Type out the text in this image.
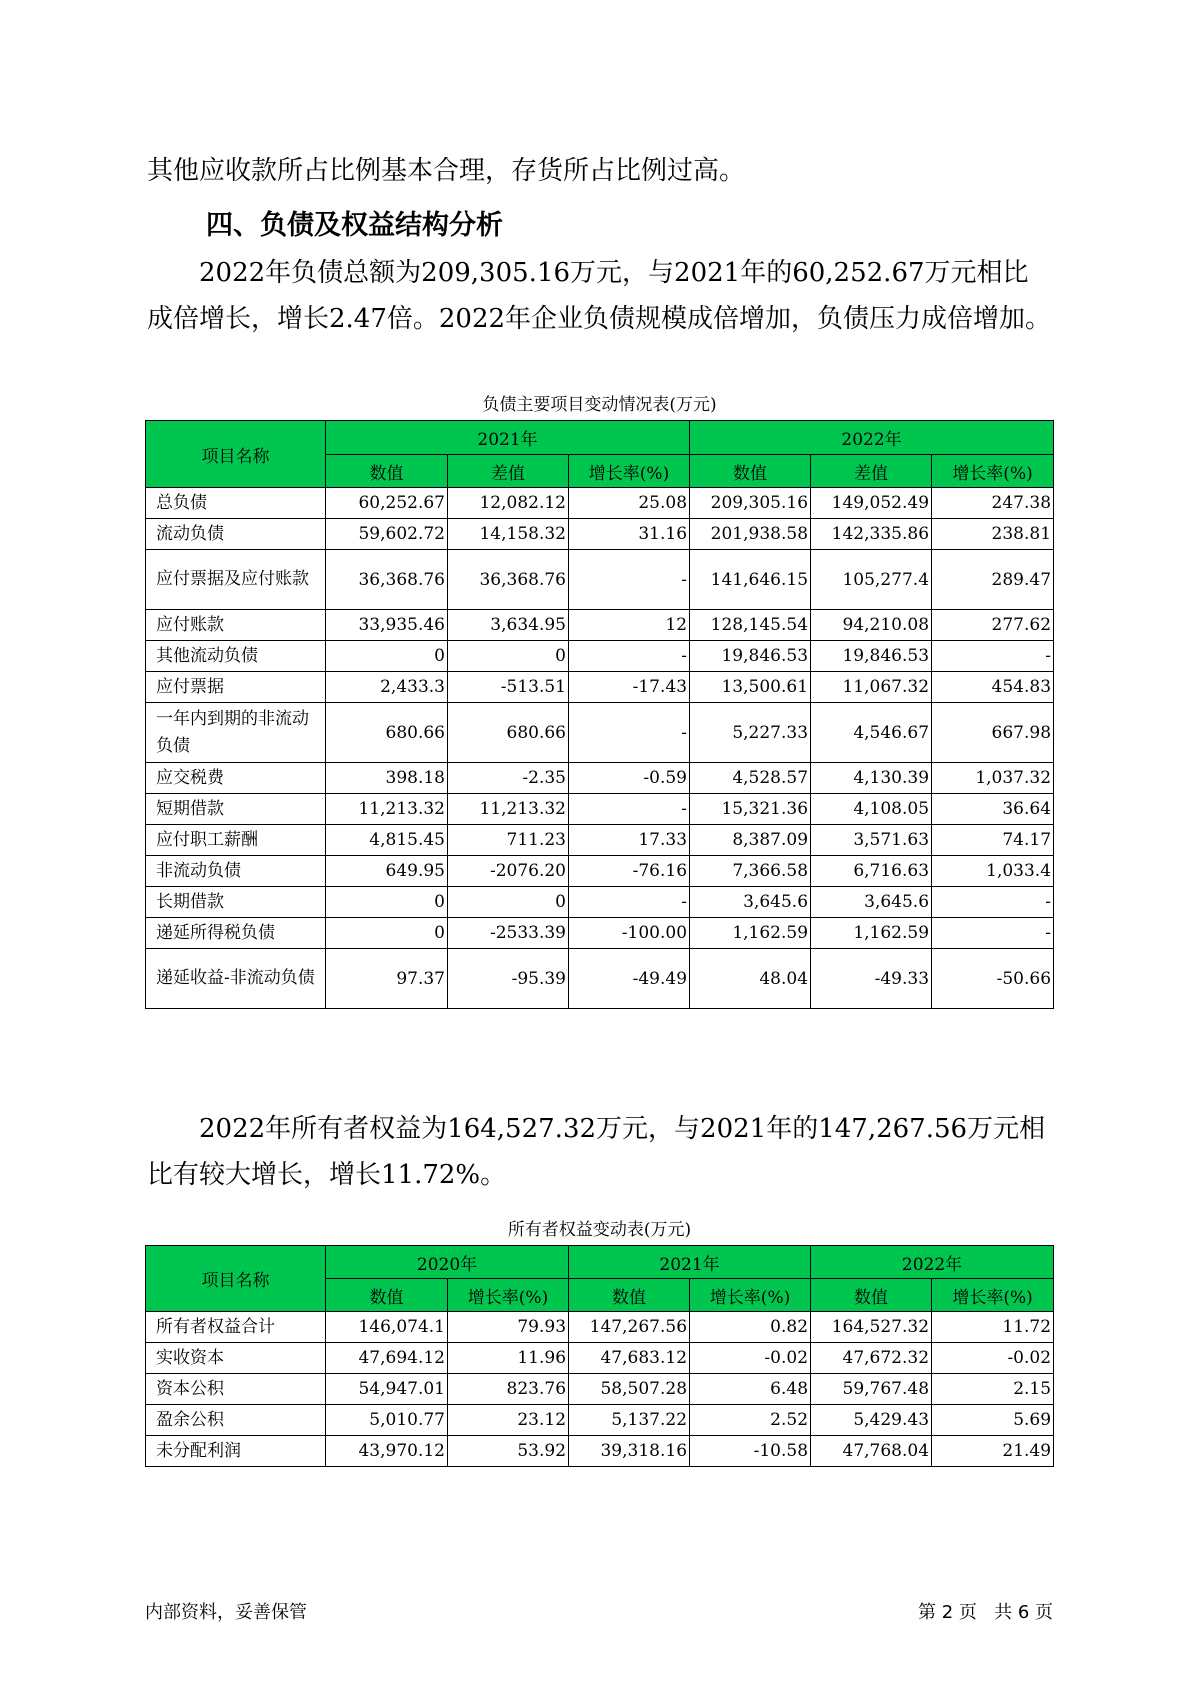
其他应收款所占比例基本合理，存货所占比例过高。

四、负债及权益结构分析

2022年负债总额为209,305.16万元，与2021年的60,252.67万元相比成倍增长，增长2.47倍。2022年企业负债规模成倍增加，负债压力成倍增加。

负债主要项目变动情况表(万元)
项目名称	2021年			2022年		
	数值	差值	增长率(%)	数值	差值	增长率(%)
总负债	60,252.67	12,082.12	25.08	209,305.16	149,052.49	247.38
流动负债	59,602.72	14,158.32	31.16	201,938.58	142,335.86	238.81
应付票据及应付账款	36,368.76	36,368.76	-	141,646.15	105,277.4	289.47
应付账款	33,935.46	3,634.95	12	128,145.54	94,210.08	277.62
其他流动负债	0	0	-	19,846.53	19,846.53	-
应付票据	2,433.3	-513.51	-17.43	13,500.61	11,067.32	454.83
一年内到期的非流动负债	680.66	680.66	-	5,227.33	4,546.67	667.98
应交税费	398.18	-2.35	-0.59	4,528.57	4,130.39	1,037.32
短期借款	11,213.32	11,213.32	-	15,321.36	4,108.05	36.64
应付职工薪酬	4,815.45	711.23	17.33	8,387.09	3,571.63	74.17
非流动负债	649.95	-2076.20	-76.16	7,366.58	6,716.63	1,033.4
长期借款	0	0	-	3,645.6	3,645.6	-
递延所得税负债	0	-2533.39	-100.00	1,162.59	1,162.59	-
递延收益-非流动负债	97.37	-95.39	-49.49	48.04	-49.33	-50.66

2022年所有者权益为164,527.32万元，与2021年的147,267.56万元相比有较大增长，增长11.72%。

所有者权益变动表(万元)
项目名称	2020年		2021年		2022年	
	数值	增长率(%)	数值	增长率(%)	数值	增长率(%)
所有者权益合计	146,074.1	79.93	147,267.56	0.82	164,527.32	11.72
实收资本	47,694.12	11.96	47,683.12	-0.02	47,672.32	-0.02
资本公积	54,947.01	823.76	58,507.28	6.48	59,767.48	2.15
盈余公积	5,010.77	23.12	5,137.22	2.52	5,429.43	5.69
未分配利润	43,970.12	53.92	39,318.16	-10.58	47,768.04	21.49
内部资料，妥善保管	第 2 页   共 6 页
